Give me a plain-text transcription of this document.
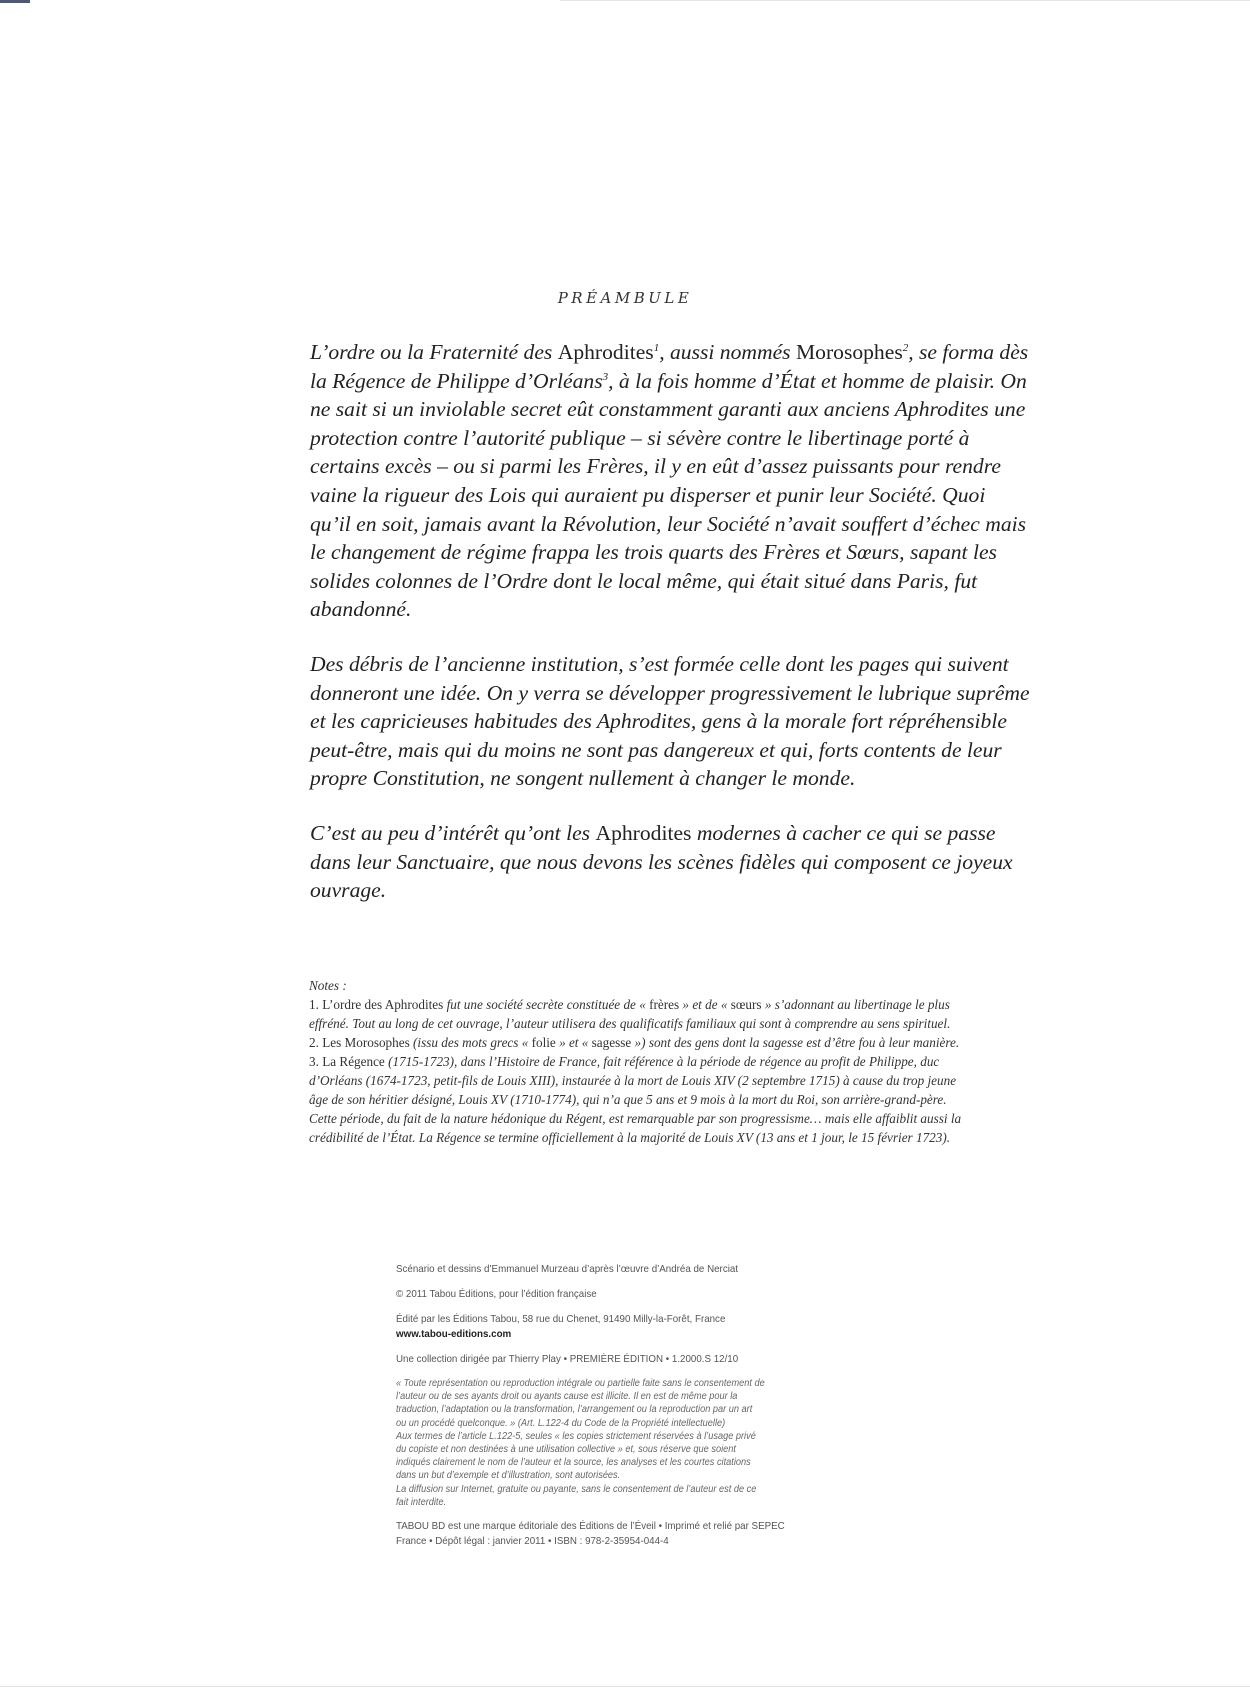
PRÉAMBULE

L’ordre ou la Fraternité des Aphrodites$^1$, aussi nommés Morosophes$^2$, se forma dès la Régence de Philippe d’Orléans$^3$, à la fois homme d’État et homme de plaisir. On ne sait si un inviolable secret eût constamment garanti aux anciens Aphrodites une protection contre l’autorité publique – si sévère contre le libertinage porté à certains excès – ou si parmi les Frères, il y en eût d’assez puissants pour rendre vaine la rigueur des Lois qui auraient pu disperser et punir leur Société. Quoi qu’il en soit, jamais avant la Révolution, leur Société n’avait souffert d’échec mais le changement de régime frappa les trois quarts des Frères et Sœurs, sapant les solides colonnes de l’Ordre dont le local même, qui était situé dans Paris, fut abandonné.

Des débris de l’ancienne institution, s’est formée celle dont les pages qui suivent donneront une idée. On y verra se développer progressivement le lubrique suprême et les capricieuses habitudes des Aphrodites, gens à la morale fort répréhensible peut-être, mais qui du moins ne sont pas dangereux et qui, forts contents de leur propre Constitution, ne songent nullement à changer le monde.

C’est au peu d’intérêt qu’ont les Aphrodites modernes à cacher ce qui se passe dans leur Sanctuaire, que nous devons les scènes fidèles qui composent ce joyeux ouvrage.

Notes :
1. L’ordre des Aphrodites fut une société secrète constituée de « frères » et de « sœurs » s’adonnant au libertinage le plus
effréné. Tout au long de cet ouvrage, l’auteur utilisera des qualificatifs familiaux qui sont à comprendre au sens spirituel.
2. Les Morosophes (issu des mots grecs « folie » et « sagesse ») sont des gens dont la sagesse est d’être fou à leur manière.
3. La Régence (1715-1723), dans l’Histoire de France, fait référence à la période de régence au profit de Philippe, duc
d’Orléans (1674-1723, petit-fils de Louis XIII), instaurée à la mort de Louis XIV (2 septembre 1715) à cause du trop jeune
âge de son héritier désigné, Louis XV (1710-1774), qui n’a que 5 ans et 9 mois à la mort du Roi, son arrière-grand-père.
Cette période, du fait de la nature hédonique du Régent, est remarquable par son progressisme… mais elle affaiblit aussi la
crédibilité de l’État. La Régence se termine officiellement à la majorité de Louis XV (13 ans et 1 jour, le 15 février 1723).
Scénario et dessins d’Emmanuel Murzeau d’après l’œuvre d’Andréa de Nerciat
© 2011 Tabou Éditions, pour l’édition française
Édité par les Éditions Tabou, 58 rue du Chenet, 91490 Milly-la-Forêt, France
www.tabou-editions.com
Une collection dirigée par Thierry Play • PREMIÈRE ÉDITION • 1.2000.S 12/10
« Toute représentation ou reproduction intégrale ou partielle faite sans le consentement de
l’auteur ou de ses ayants droit ou ayants cause est illicite. Il en est de même pour la
traduction, l’adaptation ou la transformation, l’arrangement ou la reproduction par un art
ou un procédé quelconque. » (Art. L.122-4 du Code de la Propriété intellectuelle)
Aux termes de l’article L.122-5, seules « les copies strictement réservées à l’usage privé
du copiste et non destinées à une utilisation collective » et, sous réserve que soient
indiqués clairement le nom de l’auteur et la source, les analyses et les courtes citations
dans un but d’exemple et d’illustration, sont autorisées.
La diffusion sur Internet, gratuite ou payante, sans le consentement de l’auteur est de ce
fait interdite.
TABOU BD est une marque éditoriale des Éditions de l’Éveil • Imprimé et relié par SEPEC France • Dépôt légal : janvier 2011 • ISBN : 978-2-35954-044-4
